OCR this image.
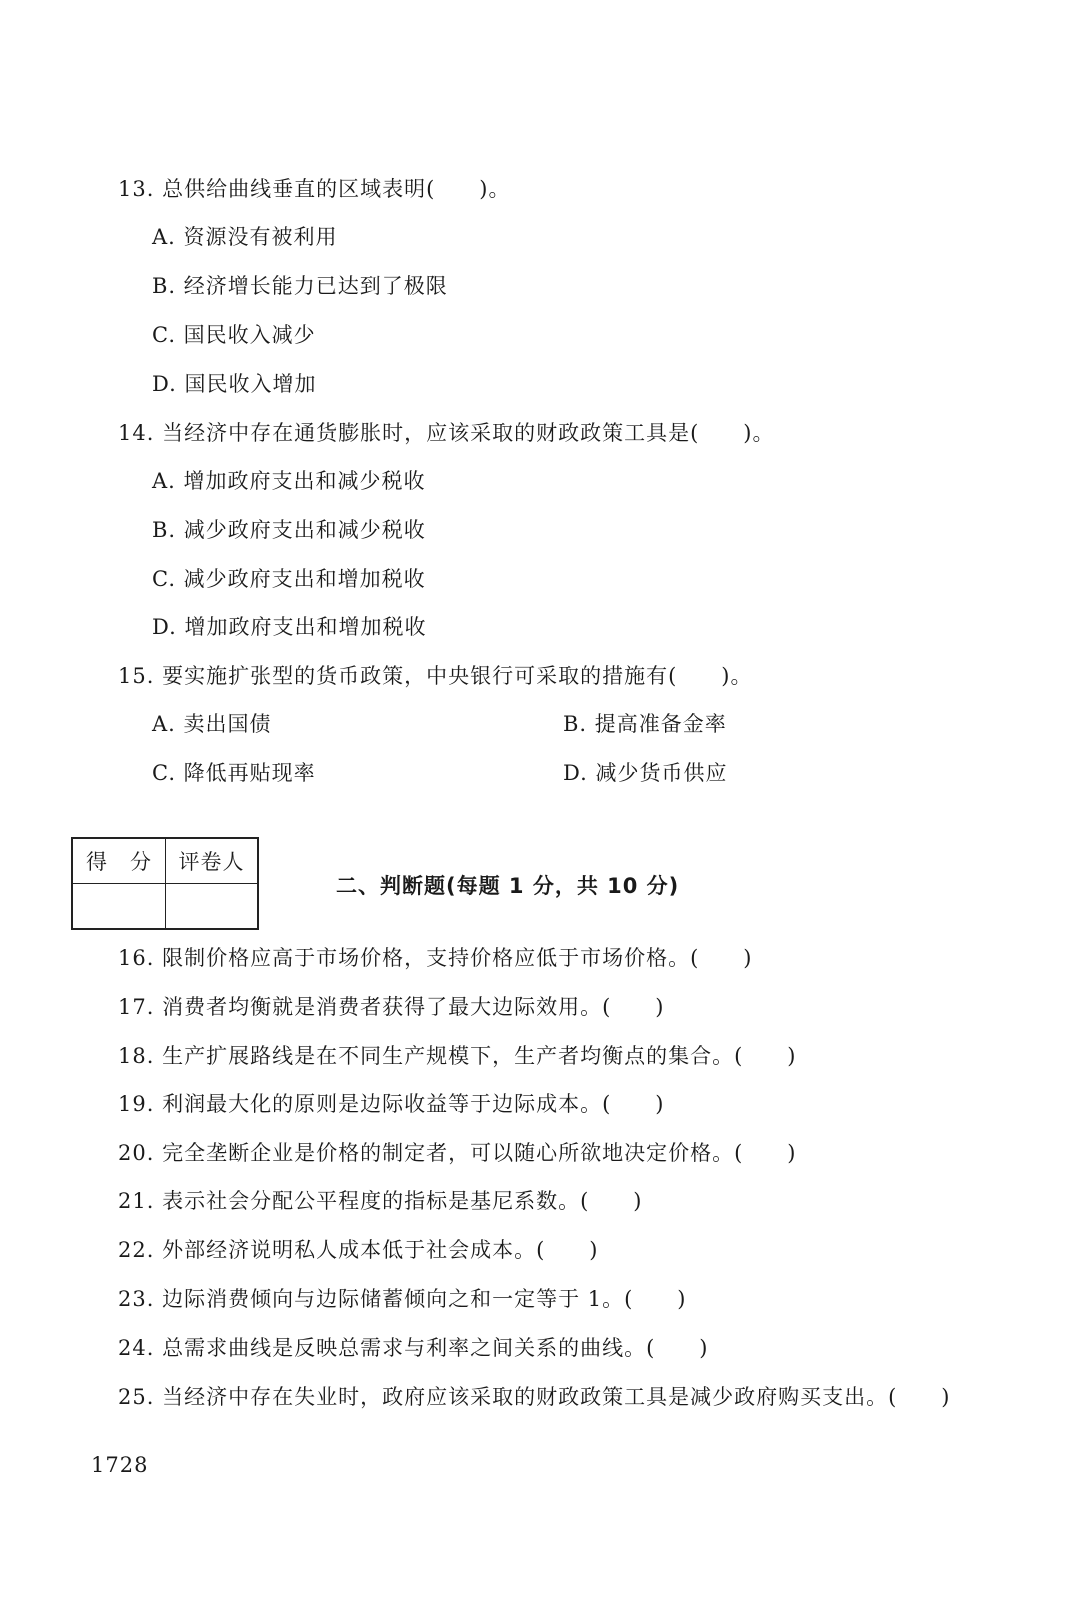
13. 总供给曲线垂直的区域表明(　　)。
A. 资源没有被利用
B. 经济增长能力已达到了极限
C. 国民收入减少
D. 国民收入增加
14. 当经济中存在通货膨胀时，应该采取的财政政策工具是(　　)。
A. 增加政府支出和减少税收
B. 减少政府支出和减少税收
C. 减少政府支出和增加税收
D. 增加政府支出和增加税收
15. 要实施扩张型的货币政策，中央银行可采取的措施有(　　)。
A. 卖出国债	B. 提高准备金率
C. 降低再贴现率	D. 减少货币供应
得　分	评卷人

二、判断题(每题 1 分，共 10 分)
16. 限制价格应高于市场价格，支持价格应低于市场价格。(　　)
17. 消费者均衡就是消费者获得了最大边际效用。(　　)
18. 生产扩展路线是在不同生产规模下，生产者均衡点的集合。(　　)
19. 利润最大化的原则是边际收益等于边际成本。(　　)
20. 完全垄断企业是价格的制定者，可以随心所欲地决定价格。(　　)
21. 表示社会分配公平程度的指标是基尼系数。(　　)
22. 外部经济说明私人成本低于社会成本。(　　)
23. 边际消费倾向与边际储蓄倾向之和一定等于 1。(　　)
24. 总需求曲线是反映总需求与利率之间关系的曲线。(　　)
25. 当经济中存在失业时，政府应该采取的财政政策工具是减少政府购买支出。(　　)
1728
